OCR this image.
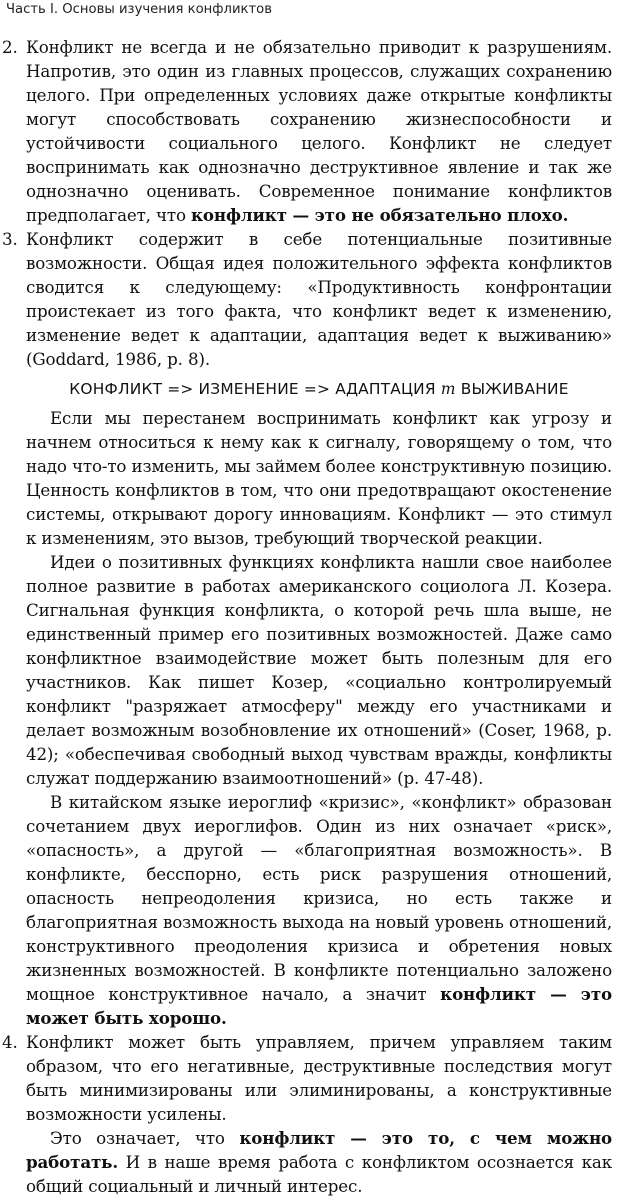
Часть I. Основы изучения конфликтов
2. Конфликт не всегда и не обязательно приводит к разрушениям. Напротив, это один из главных процессов, служащих сохранению целого. При определенных условиях даже открытые конфликты могут способствовать сохранению жизнеспособности и устойчивости социального целого. Конфликт не следует воспринимать как однозначно деструктивное явление и так же однозначно оценивать. Современное понимание конфликтов предполагает, что конфликт — это не обязательно плохо.
3. Конфликт содержит в себе потенциальные позитивные возможности. Общая идея положительного эффекта конфликтов сводится к следующему: «Продуктивность конфронтации проистекает из того факта, что конфликт ведет к изменению, изменение ведет к адаптации, адаптация ведет к выживанию» (Goddard, 1986, p. 8).
КОНФЛИКТ => ИЗМЕНЕНИЕ => АДАПТАЦИЯ m ВЫЖИВАНИЕ
Если мы перестанем воспринимать конфликт как угрозу и начнем относиться к нему как к сигналу, говорящему о том, что надо что-то изменить, мы займем более конструктивную позицию. Ценность конфликтов в том, что они предотвращают окостенение системы, открывают дорогу инновациям. Конфликт — это стимул к изменениям, это вызов, требующий творческой реакции.
Идеи о позитивных функциях конфликта нашли свое наиболее полное развитие в работах американского социолога Л. Козера. Сигнальная функция конфликта, о которой речь шла выше, не единственный пример его позитивных возможностей. Даже само конфликтное взаимодействие может быть полезным для его участников. Как пишет Козер, «социально контролируемый конфликт "разряжает атмосферу" между его участниками и делает возможным возобновление их отношений» (Coser, 1968, p. 42); «обеспечивая свободный выход чувствам вражды, конфликты служат поддержанию взаимоотношений» (p. 47-48).
В китайском языке иероглиф «кризис», «конфликт» образован сочетанием двух иероглифов. Один из них означает «риск», «опасность», а другой — «благоприятная возможность». В конфликте, бесспорно, есть риск разрушения отношений, опасность непреодоления кризиса, но есть также и благоприятная возможность выхода на новый уровень отношений, конструктивного преодоления кризиса и обретения новых жизненных возможностей. В конфликте потенциально заложено мощное конструктивное начало, а значит конфликт — это может быть хорошо.
4. Конфликт может быть управляем, причем управляем таким образом, что его негативные, деструктивные последствия могут быть минимизированы или элиминированы, а конструктивные возможности усилены.
Это означает, что конфликт — это то, с чем можно работать. И в наше время работа с конфликтом осознается как общий социальный и личный интерес.
